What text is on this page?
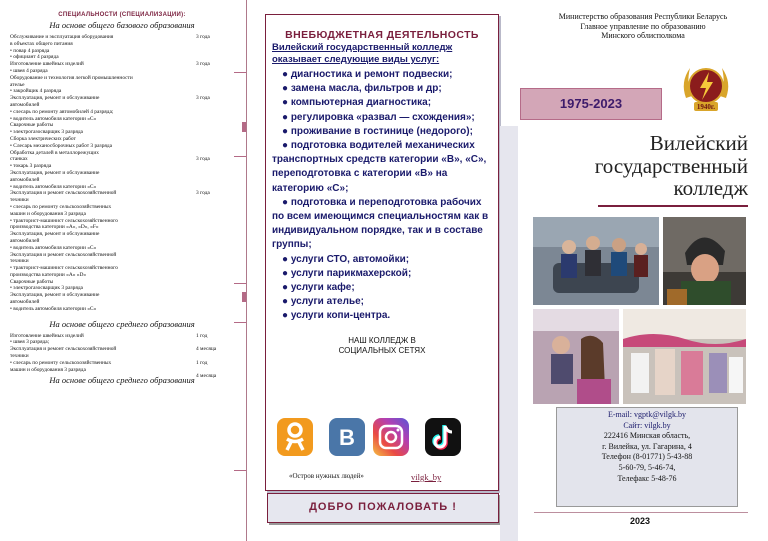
СПЕЦИАЛЬНОСТИ (СПЕЦИАЛИЗАЦИИ):
На основе общего базового образования
3 года
Обслуживание и эксплуатация оборудования
в объектах общего питания
• повар 4 разряда
• официант 4 разряда
3 года
Изготовление швейных изделий
• швея 4 разряда
Оборудование и технология легкой промышленности
ателье
• закройщик 4 разряда
3 года
Эксплуатация, ремонт и обслуживание
автомобилей
• слесарь по ремонту автомобилей 4 разряда;
• водитель автомобиля категории «С»
Сварочные работы
• электрогазосварщик 3 разряда
Сборка электрических работ
• Слесарь механосборочных работ 3 разряда
Обработка деталей в металлорежущих
3 года
станках
• токарь 3 разряда
Эксплуатация, ремонт и обслуживание
автомобилей
• водитель автомобиля категории «С»
3 года
Эксплуатация и ремонт сельскохозяйственной
техники
• слесарь по ремонту сельскохозяйственных
машин и оборудования 3 разряда
• тракторист-машинист сельскохозяйственного
производства категории «A», «D», «F»
Эксплуатация, ремонт и обслуживание
автомобилей
• водитель автомобиля категории «С»
Эксплуатация и ремонт сельскохозяйственной
техники
• тракторист-машинист сельскохозяйственного
производства категории «A» «D»
Сварочные работы
• электрогазосварщик 3 разряда
Эксплуатация, ремонт и обслуживание
автомобилей
• водитель автомобиля категории «С»
На основе общего среднего образования
1 год
Изготовление швейных изделий
• швея 3 разряда;
4 месяца
Эксплуатация и ремонт сельскохозяйственной
техники
1 год
• слесарь по ремонту сельскохозяйственных
машин и оборудования 3 разряда
4 месяца
На основе общего среднего образования
ВНЕБЮДЖЕТНАЯ ДЕЯТЕЛЬНОСТЬ
Вилейский государственный колледж
оказывает следующие виды услуг:
● диагностика и ремонт подвески;
● замена масла, фильтров и др;
● компьютерная диагностика;
● регулировка «развал — схождения»;
● проживание в гостинице (недорого);
● подготовка водителей механических транспортных средств категории «В», «С», переподготовка с категории «В» на категорию «С»;
● подготовка и переподготовка рабочих по всем имеющимся специальностям как в индивидуальном порядке, так и в составе группы;
● услуги СТО, автомойки;
● услуги парикмахерской;
● услуги кафе;
● услуги ателье;
● услуги копи-центра.
НАШ КОЛЛЕДЖ В
СОЦИАЛЬНЫХ СЕТЯХ
В
«Остров нужных людей»	vilgk_by
ДОБРО ПОЖАЛОВАТЬ !
Министерство образования Республики Беларусь
Главное управление по образованию
Минского облисполкома
1975-2023	1940г.
Вилейский
государственный
колледж
E-mail: vgptk@vilgk.by
Сайт: vilgk.by
222416 Минская область,
г. Вилейка, ул. Гагарина, 4
Телефон (8-01771) 5-43-88
5-60-79, 5-46-74,
Телефакс 5-48-76
2023
